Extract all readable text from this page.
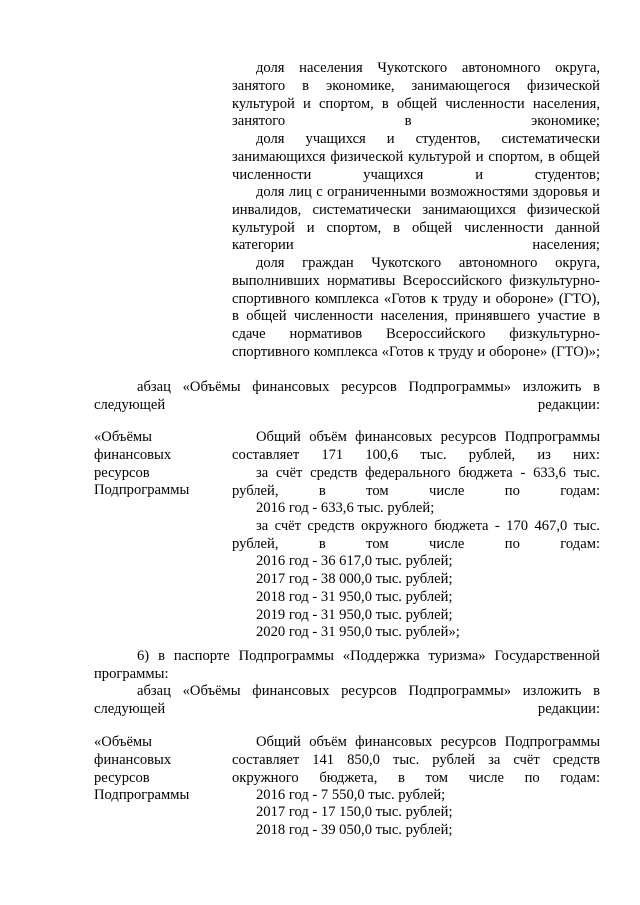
доля населения Чукотского автономного округа, занятого в экономике, занимающегося физической культурой и спортом, в общей численности населения, занятого в экономике;

доля учащихся и студентов, систематически занимающихся физической культурой и спортом, в общей численности учащихся и студентов;

доля лиц с ограниченными возможностями здоровья и инвалидов, систематически занимающихся физической культурой и спортом, в общей численности данной категории населения;

доля граждан Чукотского автономного округа, выполнивших нормативы Всероссийского физкультурно-спортивного комплекса «Готов к труду и обороне» (ГТО), в общей численности населения, принявшего участие в сдаче нормативов Всероссийского физкультурно-спортивного комплекса «Готов к труду и обороне» (ГТО)»;

абзац «Объёмы финансовых ресурсов Подпрограммы» изложить в следующей редакции:

«Объёмы
финансовых
ресурсов
Подпрограммы

Общий объём финансовых ресурсов Подпрограммы составляет 171 100,6 тыс. рублей, из них:

за счёт средств федерального бюджета - 633,6 тыс. рублей, в том числе по годам:

2016 год - 633,6 тыс. рублей;

за счёт средств окружного бюджета - 170 467,0 тыс. рублей, в том числе по годам:

2016 год - 36 617,0 тыс. рублей;

2017 год - 38 000,0 тыс. рублей;

2018 год - 31 950,0 тыс. рублей;

2019 год - 31 950,0 тыс. рублей;

2020 год - 31 950,0 тыс. рублей»;

6) в паспорте Подпрограммы «Поддержка туризма» Государственной программы:

абзац «Объёмы финансовых ресурсов Подпрограммы» изложить в следующей редакции:

«Объёмы
финансовых
ресурсов
Подпрограммы

Общий объём финансовых ресурсов Подпрограммы составляет 141 850,0 тыс. рублей за счёт средств окружного бюджета, в том числе по годам:

2016 год - 7 550,0 тыс. рублей;

2017 год - 17 150,0 тыс. рублей;

2018 год - 39 050,0 тыс. рублей;
